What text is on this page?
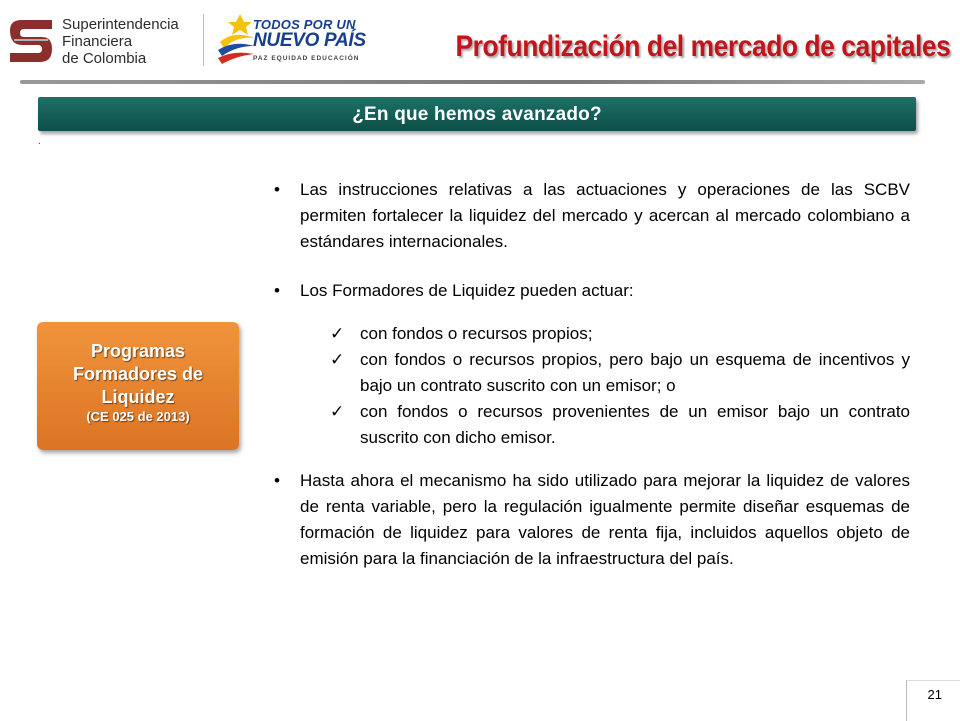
Superintendencia
Financiera
de Colombia
TODOS POR UN
NUEVO PAÍS
PAZ EQUIDAD EDUCACIÓN	Profundización del mercado de capitales
¿En que hemos avanzado?
.
Programas Formadores de Liquidez
(CE 025 de 2013)
• Las instrucciones relativas a las actuaciones y operaciones de las SCBV permiten fortalecer la liquidez del mercado y acercan al mercado colombiano a estándares internacionales.
• Los Formadores de Liquidez pueden actuar:
✓ con fondos o recursos propios;
✓ con fondos o recursos propios, pero bajo un esquema de incentivos y bajo un contrato suscrito con un emisor; o
✓ con fondos o recursos provenientes de un emisor bajo un contrato suscrito con dicho emisor.
• Hasta ahora el mecanismo ha sido utilizado para mejorar la liquidez de valores de renta variable, pero la regulación igualmente permite diseñar esquemas de formación de liquidez para valores de renta fija, incluidos aquellos objeto de emisión para la financiación de la infraestructura del país.
21
